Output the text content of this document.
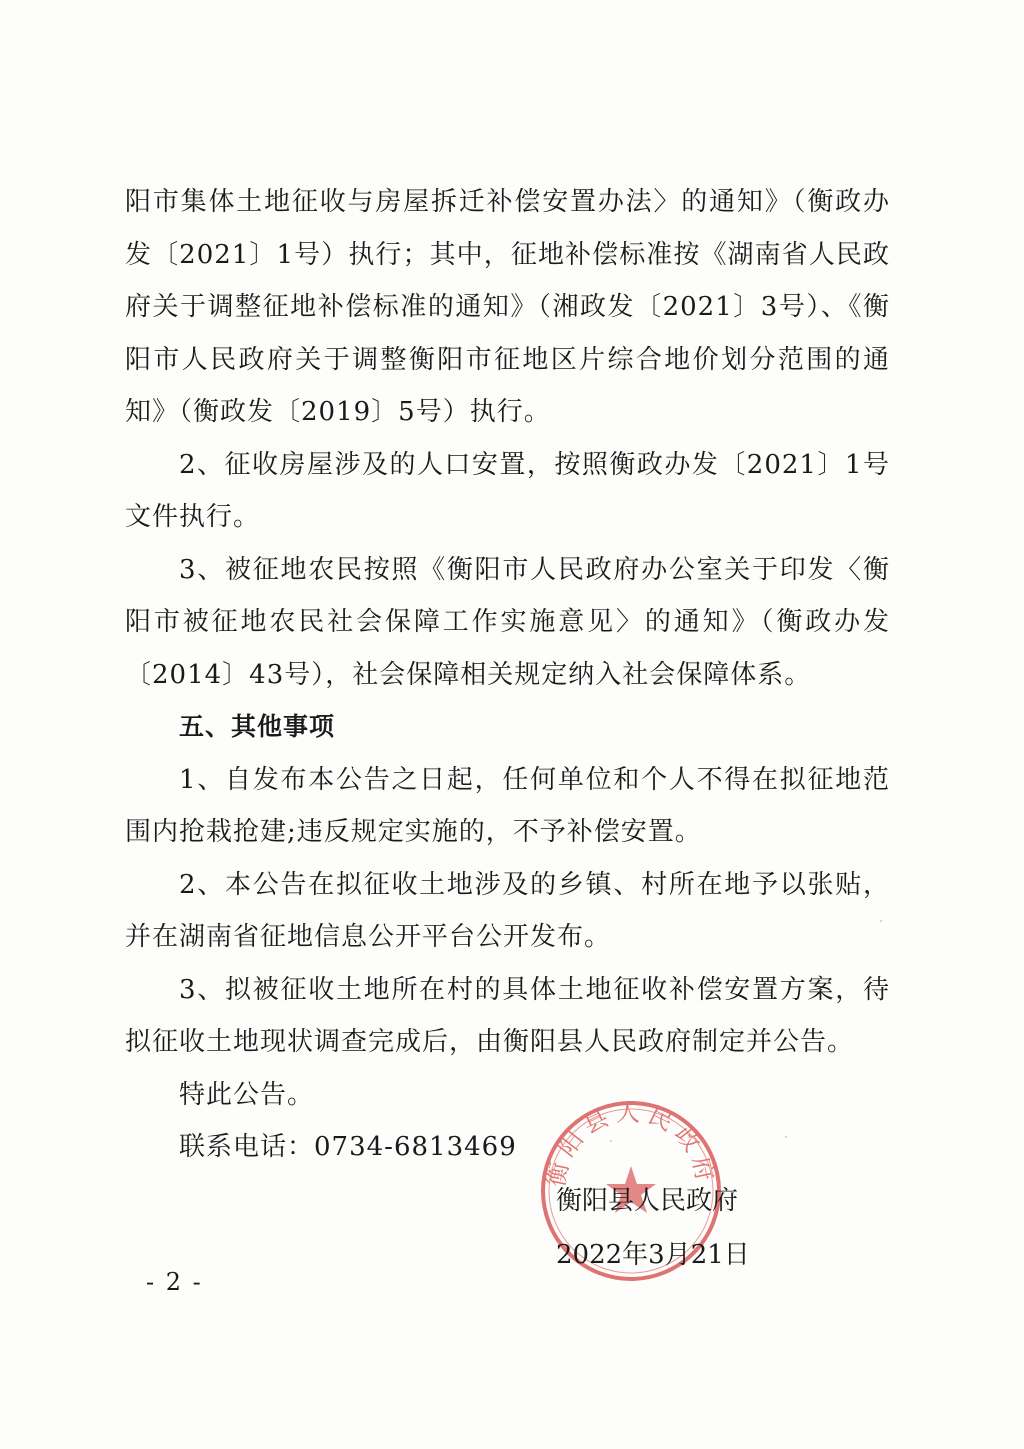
阳市集体土地征收与房屋拆迁补偿安置办法〉的通知》（衡政办发〔2021〕1号）执行；其中，征地补偿标准按《湖南省人民政府关于调整征地补偿标准的通知》（湘政发〔2021〕3号）、《衡阳市人民政府关于调整衡阳市征地区片综合地价划分范围的通知》（衡政发〔2019〕5号）执行。

2、征收房屋涉及的人口安置，按照衡政办发〔2021〕1号文件执行。

3、被征地农民按照《衡阳市人民政府办公室关于印发〈衡阳市被征地农民社会保障工作实施意见〉的通知》（衡政办发〔2014〕43号），社会保障相关规定纳入社会保障体系。

五、其他事项

1、自发布本公告之日起，任何单位和个人不得在拟征地范围内抢栽抢建;违反规定实施的，不予补偿安置。

2、本公告在拟征收土地涉及的乡镇、村所在地予以张贴，并在湖南省征地信息公开平台公开发布。

3、拟被征收土地所在村的具体土地征收补偿安置方案，待拟征收土地现状调查完成后，由衡阳县人民政府制定并公告。

特此公告。

联系电话：0734-6813469

衡阳县人民政府
衡阳县人民政府
2022年3月21日
- 2 -
